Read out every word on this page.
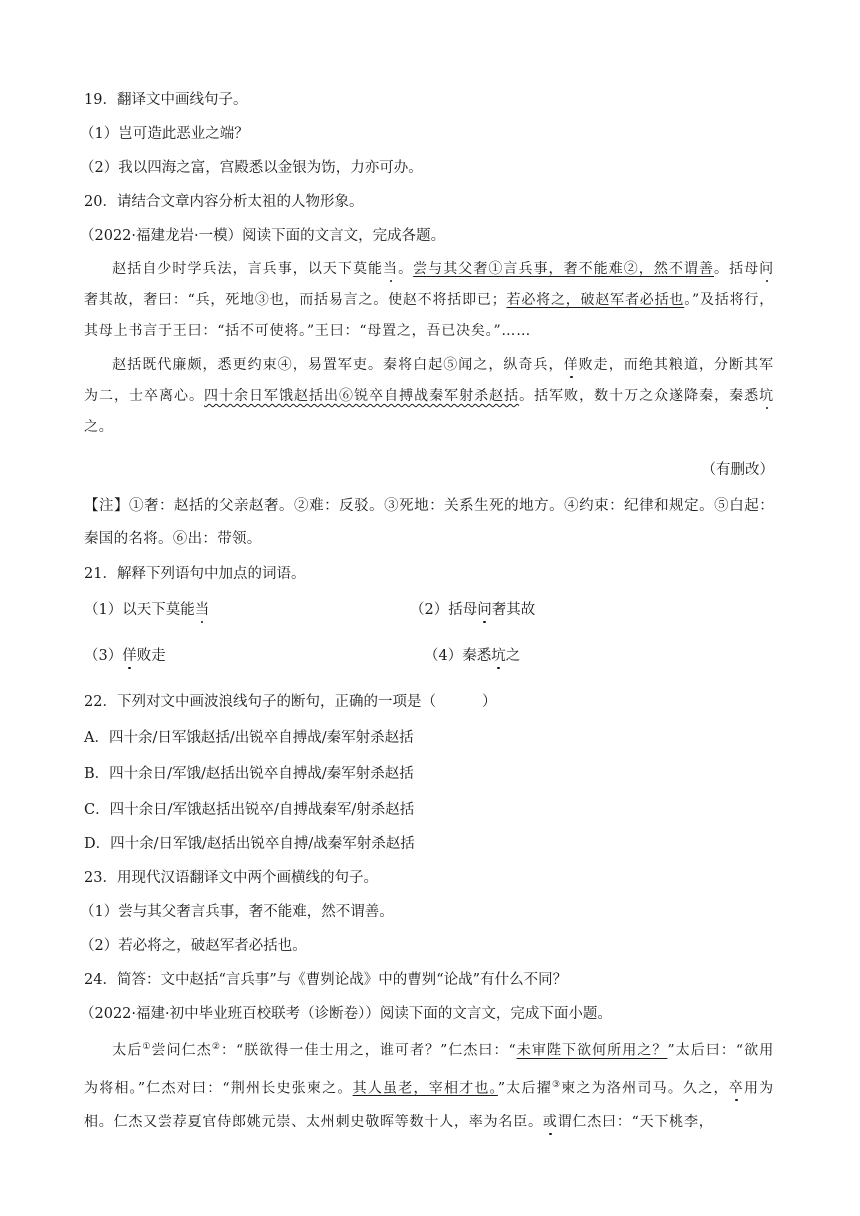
19．翻译文中画线句子。
（1）岂可造此恶业之端？
（2）我以四海之富，宫殿悉以金银为饬，力亦可办。
20．请结合文章内容分析太祖的人物形象。
（2022·福建龙岩·一模）阅读下面的文言文，完成各题。
赵括自少时学兵法，言兵事，以天下莫能当。尝与其父奢①言兵事，奢不能难②，然不谓善。括母问奢其故，奢曰：“兵，死地③也，而括易言之。使赵不将括即已；若必将之，破赵军者必括也。”及括将行，其母上书言于王曰：“括不可使将。”王曰：“母置之，吾已决矣。”……
赵括既代廉颇，悉更约束④，易置军吏。秦将白起⑤闻之，纵奇兵，佯败走，而绝其粮道，分断其军为二，士卒离心。四十余日军饿赵括出⑥锐卒自搏战秦军射杀赵括。括军败，数十万之众遂降秦，秦悉坑之。
（有删改）
【注】①奢：赵括的父亲赵奢。②难：反驳。③死地：关系生死的地方。④约束：纪律和规定。⑤白起：秦国的名将。⑥出：带领。
21．解释下列语句中加点的词语。
（1）以天下莫能当	（2）括母问奢其故
（3）佯败走	（4）秦悉坑之
22．下列对文中画波浪线句子的断句，正确的一项是（	）
A．四十余/日军饿赵括/出锐卒自搏战/秦军射杀赵括
B．四十余日/军饿/赵括出锐卒自搏战/秦军射杀赵括
C．四十余日/军饿赵括出锐卒/自搏战秦军/射杀赵括
D．四十余/日军饿/赵括出锐卒自搏/战秦军射杀赵括
23．用现代汉语翻译文中两个画横线的句子。
（1）尝与其父奢言兵事，奢不能难，然不谓善。
（2）若必将之，破赵军者必括也。
24．简答：文中赵括“言兵事”与《曹刿论战》中的曹刿“论战”有什么不同？
（2022·福建·初中毕业班百校联考（诊断卷））阅读下面的文言文，完成下面小题。
太后①尝问仁杰②：“朕欲得一佳士用之，谁可者？”仁杰曰：“未审陛下欲何所用之？”太后曰：“欲用为将相。”仁杰对曰：“荆州长史张柬之。其人虽老，宰相才也。”太后擢③柬之为洛州司马。久之，卒用为相。仁杰又尝荐夏官侍郎姚元崇、太州刺史敬晖等数十人，率为名臣。或谓仁杰曰：“天下桃李，
